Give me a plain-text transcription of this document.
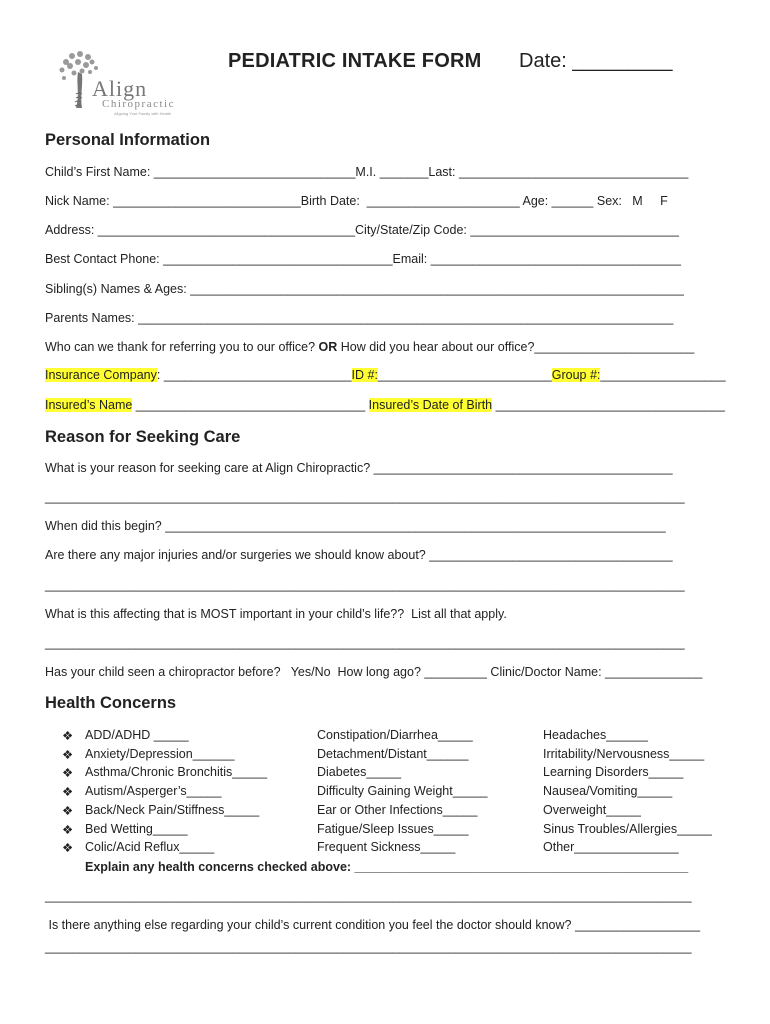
Align
Chiropractic
Aligning Your Family with Health
PEDIATRIC INTAKE FORM Date: _________
Personal Information
Child’s First Name: _____________________________M.I. _______Last: _________________________________
Nick Name: ___________________________Birth Date:  ______________________ Age: ______ Sex:   M     F
Address: _____________________________________City/State/Zip Code: ______________________________
Best Contact Phone: _________________________________Email: ____________________________________
Sibling(s) Names & Ages: _______________________________________________________________________
Parents Names: _____________________________________________________________________________
Who can we thank for referring you to our office? OR How did you hear about our office?_______________________
Insurance Company: ___________________________ID #:_________________________Group #:__________________
Insured’s Name _________________________________ Insured’s Date of Birth _________________________________
Reason for Seeking Care
What is your reason for seeking care at Align Chiropractic? ___________________________________________
____________________________________________________________________________________________
When did this begin? ________________________________________________________________________
Are there any major injuries and/or surgeries we should know about? ___________________________________
____________________________________________________________________________________________
What is this affecting that is MOST important in your child’s life??  List all that apply.
____________________________________________________________________________________________
Has your child seen a chiropractor before?   Yes/No  How long ago? _________ Clinic/Doctor Name: ______________
Health Concerns
❖ ADD/ADHD _____
❖ Anxiety/Depression______
❖ Asthma/Chronic Bronchitis_____
❖ Autism/Asperger’s_____
❖ Back/Neck Pain/Stiffness_____
❖ Bed Wetting_____
❖ Colic/Acid Reflux_____
Constipation/Diarrhea_____
Detachment/Distant______
Diabetes_____
Difficulty Gaining Weight_____
Ear or Other Infections_____
Fatigue/Sleep Issues_____
Frequent Sickness_____
Headaches______
Irritability/Nervousness_____
Learning Disorders_____
Nausea/Vomiting_____
Overweight_____
Sinus Troubles/Allergies_____
Other_______________
Explain any health concerns checked above: ________________________________________________
_____________________________________________________________________________________________
Is there anything else regarding your child’s current condition you feel the doctor should know? __________________
_____________________________________________________________________________________________
